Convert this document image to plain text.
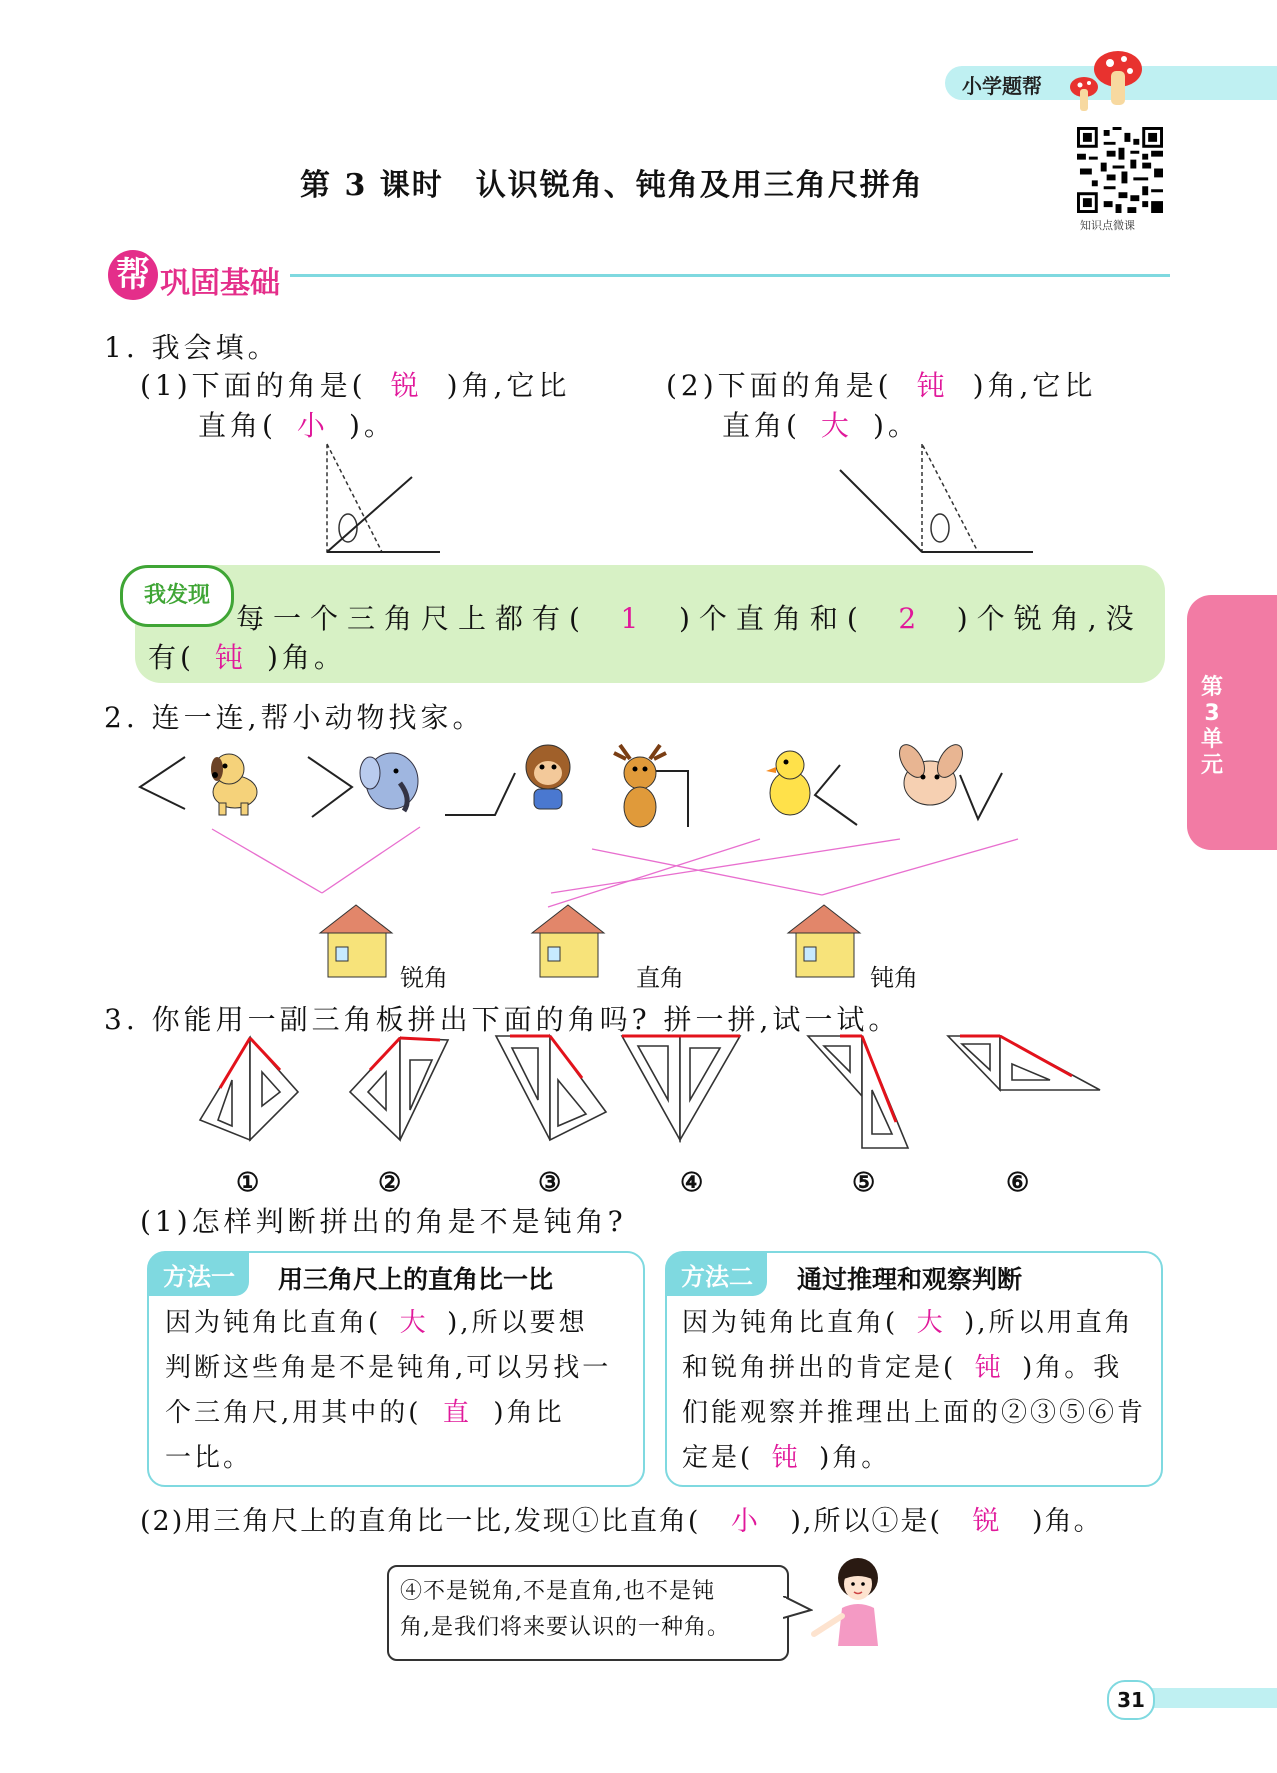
小学题帮
第 3 课时　认识锐角、钝角及用三角尺拼角
知识点微课
帮 巩固基础
第3单元
1. 我会填。
(1)下面的角是( 锐 )角,它比
直角( 小 )。
(2)下面的角是( 钝 )角,它比
直角( 大 )。
我发现
每一个三角尺上都有( 1 )个直角和( 2 )个锐角,没
有( 钝 )角。
2. 连一连,帮小动物找家。
锐角	直角	钝角
3. 你能用一副三角板拼出下面的角吗? 拼一拼,试一试。
①	②	③	④	⑤	⑥
(1)怎样判断拼出的角是不是钝角?
方法一	用三角尺上的直角比一比
因为钝角比直角( 大 ),所以要想
判断这些角是不是钝角,可以另找一
个三角尺,用其中的( 直 )角比
一比。
方法二	通过推理和观察判断
因为钝角比直角( 大 ),所以用直角
和锐角拼出的肯定是( 钝 )角。我
们能观察并推理出上面的②③⑤⑥肯
定是( 钝 )角。
(2)用三角尺上的直角比一比,发现①比直角( 小 ),所以①是( 锐 )角。
④不是锐角,不是直角,也不是钝
角,是我们将来要认识的一种角。
31
